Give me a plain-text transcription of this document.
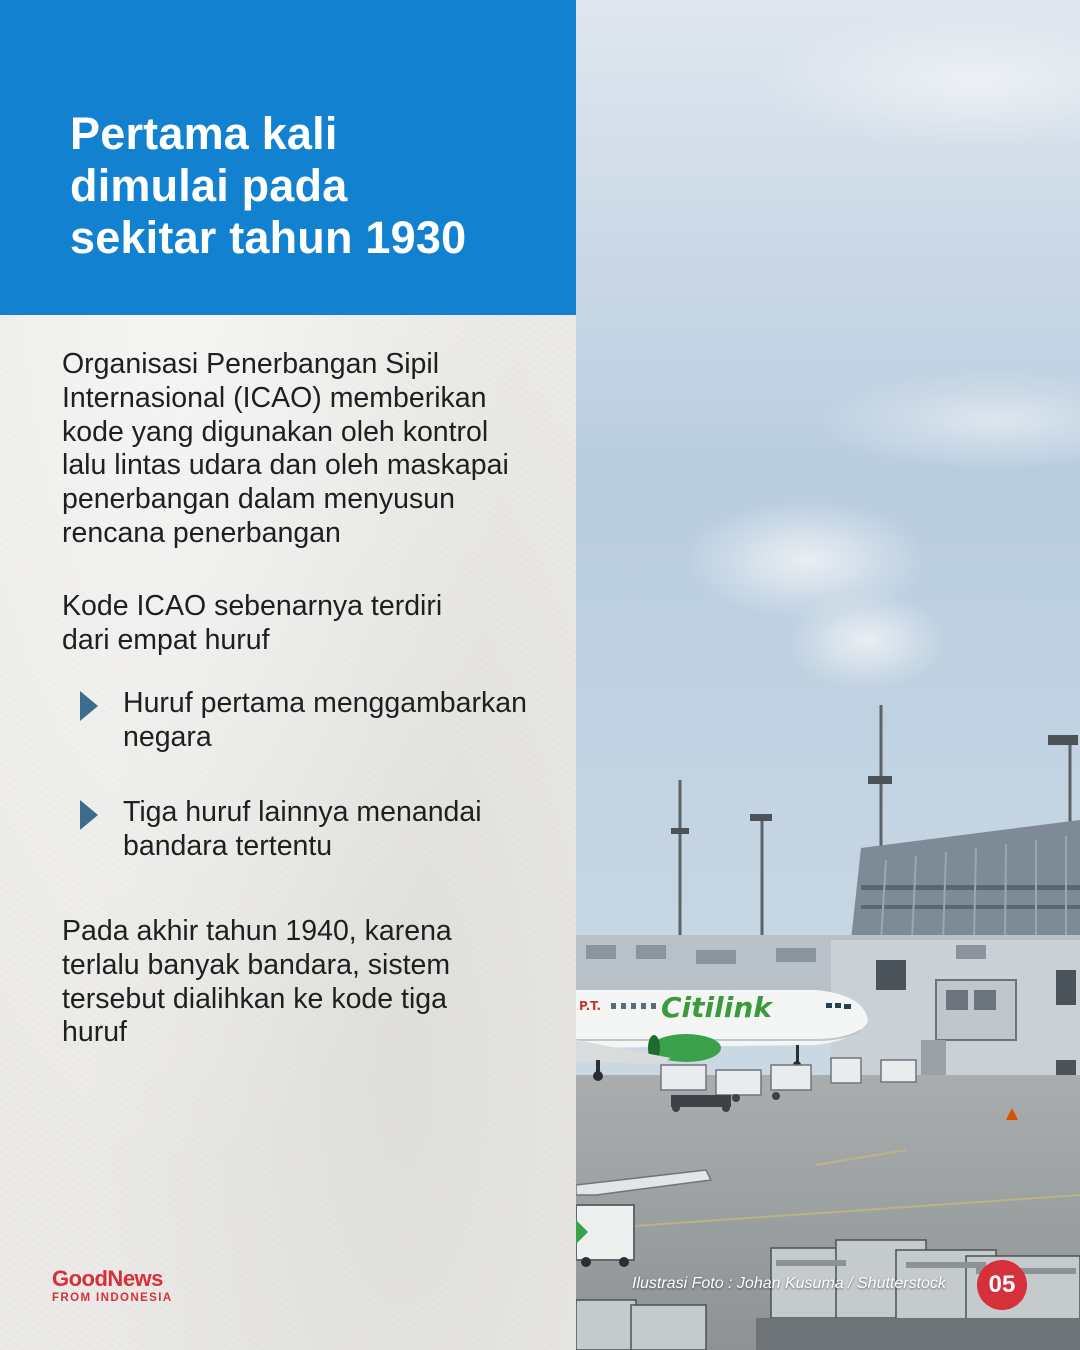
Pertama kali
dimulai pada
sekitar tahun 1930
Organisasi Penerbangan Sipil Internasional (ICAO) memberikan kode yang digunakan oleh kontrol lalu lintas udara dan oleh maskapai penerbangan dalam menyusun rencana penerbangan
Kode ICAO sebenarnya terdiri dari empat huruf
Huruf pertama menggambarkan negara
Tiga huruf lainnya menandai bandara tertentu
Pada akhir tahun 1940, karena terlalu banyak bandara, sistem tersebut dialihkan ke kode tiga huruf
GoodNews
FROM INDONESIA
Citilink
P.T.
Ilustrasi Foto : Johan Kusuma / Shutterstock	05
